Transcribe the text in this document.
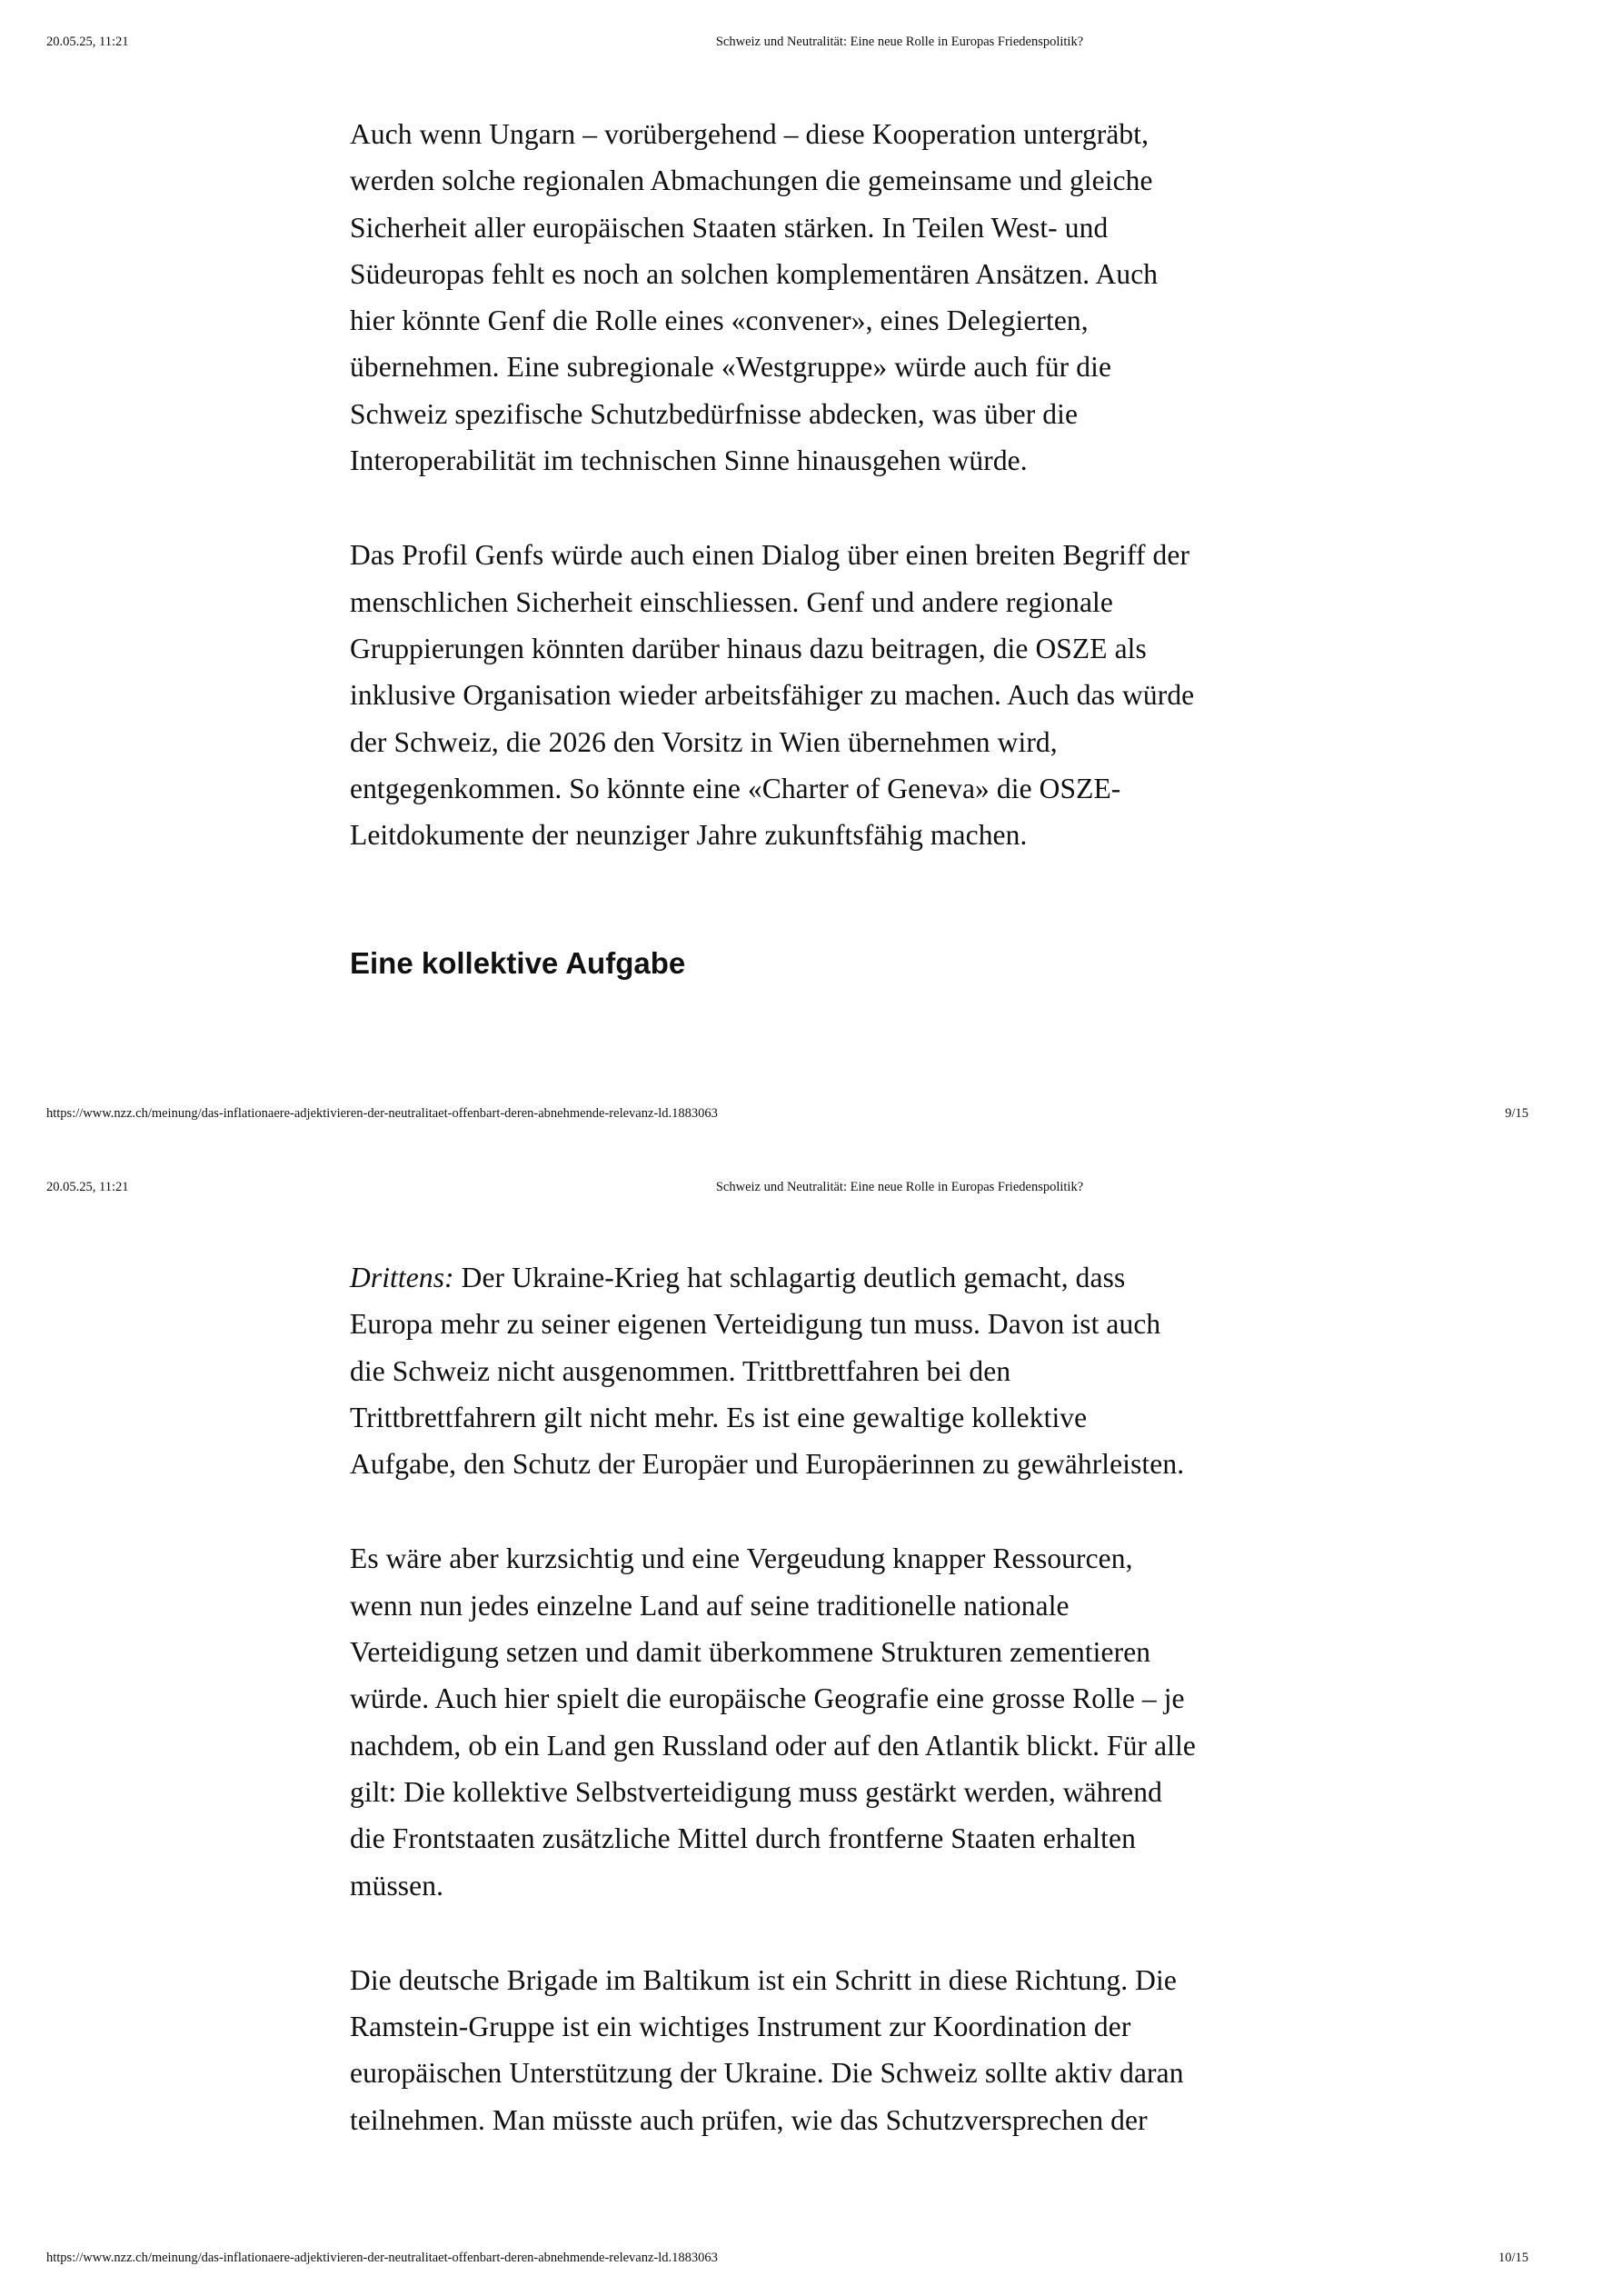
20.05.25, 11:21	Schweiz und Neutralität: Eine neue Rolle in Europas Friedenspolitik?
Auch wenn Ungarn – vorübergehend – diese Kooperation untergräbt,
werden solche regionalen Abmachungen die gemeinsame und gleiche
Sicherheit aller europäischen Staaten stärken. In Teilen West- und
Südeuropas fehlt es noch an solchen komplementären Ansätzen. Auch
hier könnte Genf die Rolle eines «convener», eines Delegierten,
übernehmen. Eine subregionale «Westgruppe» würde auch für die
Schweiz spezifische Schutzbedürfnisse abdecken, was über die
Interoperabilität im technischen Sinne hinausgehen würde.
Das Profil Genfs würde auch einen Dialog über einen breiten Begriff der
menschlichen Sicherheit einschliessen. Genf und andere regionale
Gruppierungen könnten darüber hinaus dazu beitragen, die OSZE als
inklusive Organisation wieder arbeitsfähiger zu machen. Auch das würde
der Schweiz, die 2026 den Vorsitz in Wien übernehmen wird,
entgegenkommen. So könnte eine «Charter of Geneva» die OSZE-
Leitdokumente der neunziger Jahre zukunftsfähig machen.
Eine kollektive Aufgabe
https://www.nzz.ch/meinung/das-inflationaere-adjektivieren-der-neutralitaet-offenbart-deren-abnehmende-relevanz-ld.1883063	9/15
20.05.25, 11:21	Schweiz und Neutralität: Eine neue Rolle in Europas Friedenspolitik?
Drittens: Der Ukraine-Krieg hat schlagartig deutlich gemacht, dass
Europa mehr zu seiner eigenen Verteidigung tun muss. Davon ist auch
die Schweiz nicht ausgenommen. Trittbrettfahren bei den
Trittbrettfahrern gilt nicht mehr. Es ist eine gewaltige kollektive
Aufgabe, den Schutz der Europäer und Europäerinnen zu gewährleisten.
Es wäre aber kurzsichtig und eine Vergeudung knapper Ressourcen,
wenn nun jedes einzelne Land auf seine traditionelle nationale
Verteidigung setzen und damit überkommene Strukturen zementieren
würde. Auch hier spielt die europäische Geografie eine grosse Rolle – je
nachdem, ob ein Land gen Russland oder auf den Atlantik blickt. Für alle
gilt: Die kollektive Selbstverteidigung muss gestärkt werden, während
die Frontstaaten zusätzliche Mittel durch frontferne Staaten erhalten
müssen.
Die deutsche Brigade im Baltikum ist ein Schritt in diese Richtung. Die
Ramstein-Gruppe ist ein wichtiges Instrument zur Koordination der
europäischen Unterstützung der Ukraine. Die Schweiz sollte aktiv daran
teilnehmen. Man müsste auch prüfen, wie das Schutzversprechen der
https://www.nzz.ch/meinung/das-inflationaere-adjektivieren-der-neutralitaet-offenbart-deren-abnehmende-relevanz-ld.1883063	10/15
